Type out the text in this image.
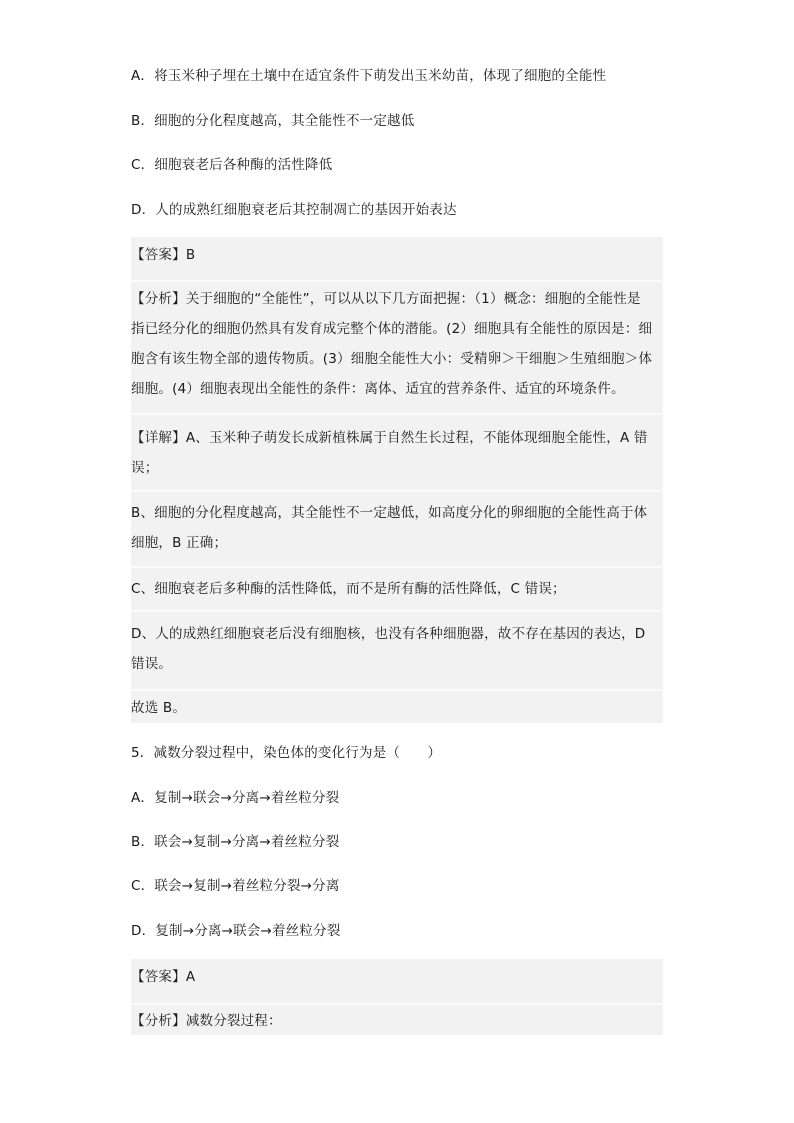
A．将玉米种子埋在土壤中在适宜条件下萌发出玉米幼苗，体现了细胞的全能性

B．细胞的分化程度越高，其全能性不一定越低

C．细胞衰老后各种酶的活性降低

D．人的成熟红细胞衰老后其控制凋亡的基因开始表达

【答案】B

【分析】关于细胞的“全能性”，可以从以下几方面把握：（1）概念：细胞的全能性是

指已经分化的细胞仍然具有发育成完整个体的潜能。(2）细胞具有全能性的原因是：细

胞含有该生物全部的遗传物质。(3）细胞全能性大小：受精卵＞干细胞＞生殖细胞＞体

细胞。(4）细胞表现出全能性的条件：离体、适宜的营养条件、适宜的环境条件。

【详解】A、玉米种子萌发长成新植株属于自然生长过程，不能体现细胞全能性，A 错

误；

B、细胞的分化程度越高，其全能性不一定越低，如高度分化的卵细胞的全能性高于体

细胞，B 正确；

C、细胞衰老后多种酶的活性降低，而不是所有酶的活性降低，C 错误；

D、人的成熟红细胞衰老后没有细胞核，也没有各种细胞器，故不存在基因的表达，D

错误。

故选 B。

5．减数分裂过程中，染色体的变化行为是（　　）

A．复制→联会→分离→着丝粒分裂

B．联会→复制→分离→着丝粒分裂

C．联会→复制→着丝粒分裂→分离

D．复制→分离→联会→着丝粒分裂

【答案】A

【分析】减数分裂过程：
